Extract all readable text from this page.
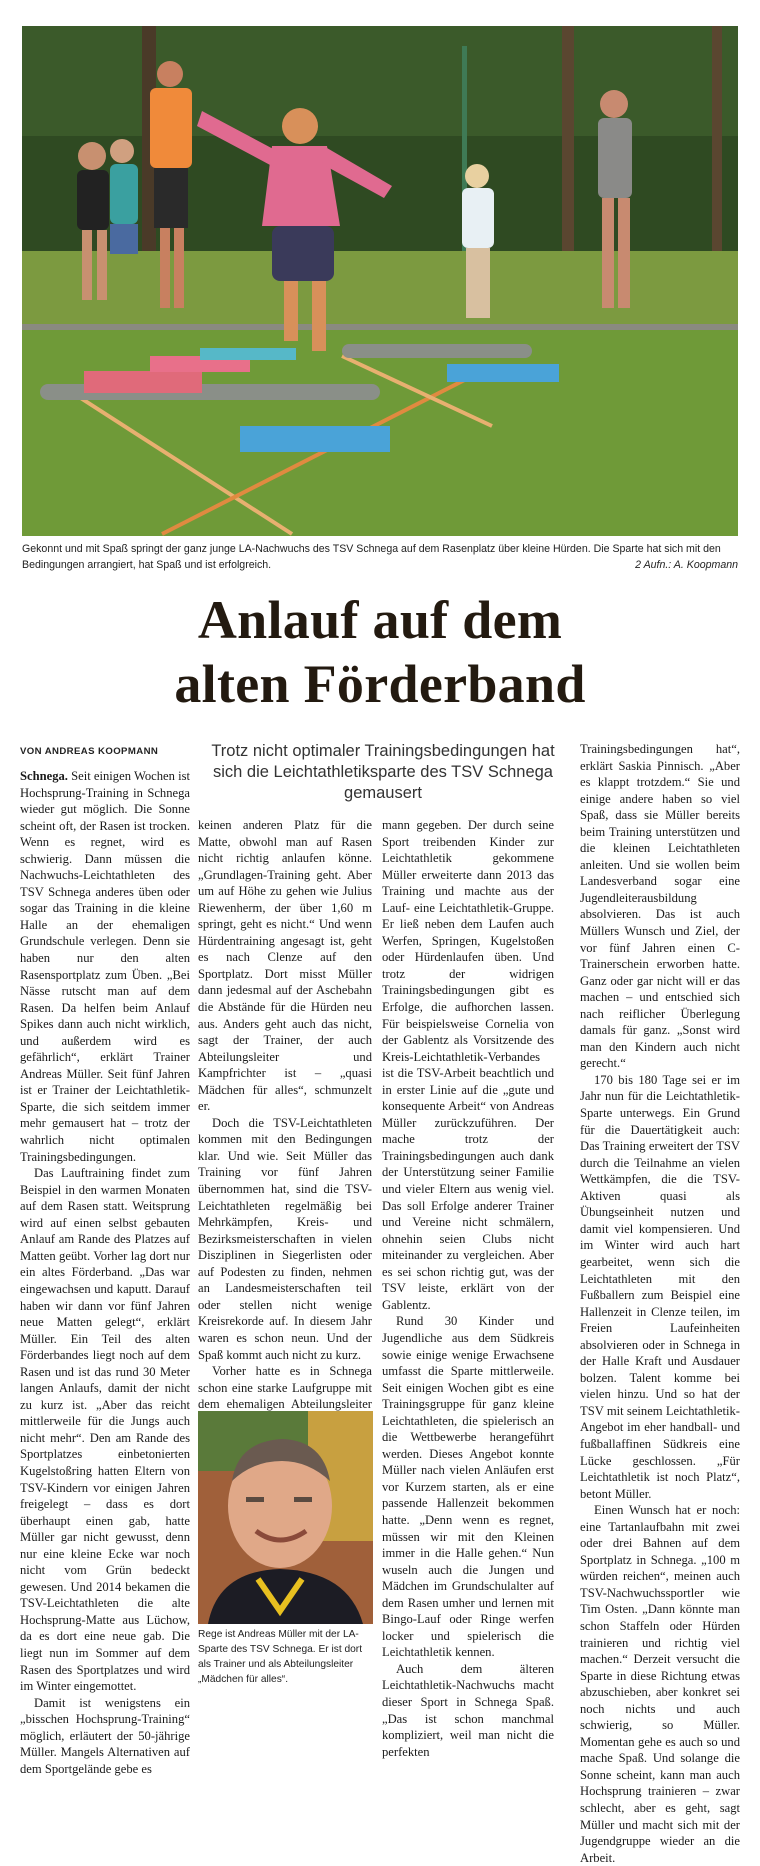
Gekonnt und mit Spaß springt der ganz junge LA-Nachwuchs des TSV Schnega auf dem Rasenplatz über kleine Hürden. Die Sparte hat sich mit den Bedingungen arrangiert, hat Spaß und ist erfolgreich.	2 Aufn.: A. Koopmann
Anlauf auf dem
alten Förderband
VON ANDREAS KOOPMANN	Trotz nicht optimaler Trainingsbedingungen hat sich die Leichtathletiksparte des TSV Schnega gemausert

Schnega. Seit einigen Wochen ist Hochsprung-Training in Schnega wieder gut möglich. Die Sonne scheint oft, der Rasen ist trocken. Wenn es regnet, wird es schwierig. Dann müssen die Nachwuchs-Leichtathleten des TSV Schnega anderes üben oder sogar das Training in die kleine Halle an der ehemaligen Grundschule verlegen. Denn sie haben nur den alten Rasensportplatz zum Üben. „Bei Nässe rutscht man auf dem Rasen. Da helfen beim Anlauf Spikes dann auch nicht wirklich, und außerdem wird es gefährlich“, erklärt Trainer Andreas Müller. Seit fünf Jahren ist er Trainer der Leichtathletik-Sparte, die sich seitdem immer mehr gemausert hat – trotz der wahrlich nicht optimalen Trainingsbedingungen.

Das Lauftraining findet zum Beispiel in den warmen Monaten auf dem Rasen statt. Weitsprung wird auf einen selbst gebauten Anlauf am Rande des Platzes auf Matten geübt. Vorher lag dort nur ein altes Förderband. „Das war eingewachsen und kaputt. Darauf haben wir dann vor fünf Jahren neue Matten gelegt“, erklärt Müller. Ein Teil des alten Förderbandes liegt noch auf dem Rasen und ist das rund 30 Meter langen Anlaufs, damit der nicht zu kurz ist. „Aber das reicht mittlerweile für die Jungs auch nicht mehr“. Den am Rande des Sportplatzes einbetonierten Kugelstoßring hatten Eltern von TSV-Kindern vor einigen Jahren freigelegt – dass es dort überhaupt einen gab, hatte Müller gar nicht gewusst, denn nur eine kleine Ecke war noch nicht vom Grün bedeckt gewesen. Und 2014 bekamen die TSV-Leichtathleten die alte Hochsprung-Matte aus Lüchow, da es dort eine neue gab. Die liegt nun im Sommer auf dem Rasen des Sportplatzes und wird im Winter eingemottet.

Damit ist wenigstens ein „bisschen Hochsprung-Training“ möglich, erläutert der 50-jährige Müller. Mangels Alternativen auf dem Sportgelände gebe es

keinen anderen Platz für die Matte, obwohl man auf Rasen nicht richtig anlaufen könne. „Grundlagen-Training geht. Aber um auf Höhe zu gehen wie Julius Riewenherm, der über 1,60 m springt, geht es nicht.“ Und wenn Hürdentraining angesagt ist, geht es nach Clenze auf den Sportplatz. Dort misst Müller dann jedesmal auf der Aschebahn die Abstände für die Hürden neu aus. Anders geht auch das nicht, sagt der Trainer, der auch Abteilungsleiter und Kampfrichter ist – „quasi Mädchen für alles“, schmunzelt er.

Doch die TSV-Leichtathleten kommen mit den Bedingungen klar. Und wie. Seit Müller das Training vor fünf Jahren übernommen hat, sind die TSV-Leichtathleten regelmäßig bei Mehrkämpfen, Kreis- und Bezirksmeisterschaften in vielen Disziplinen in Siegerlisten oder auf Podesten zu finden, nehmen an Landesmeisterschaften teil oder stellen nicht wenige Kreisrekorde auf. In diesem Jahr waren es schon neun. Und der Spaß kommt auch nicht zu kurz.

Vorher hatte es in Schnega schon eine starke Laufgruppe mit dem ehemaligen Abteilungsleiter

mann gegeben. Der durch seine Sport treibenden Kinder zur Leichtathletik gekommene Müller erweiterte dann 2013 das Training und machte aus der Lauf- eine Leichtathletik-Gruppe. Er ließ neben dem Laufen auch Werfen, Springen, Kugelstoßen oder Hürdenlaufen üben. Und trotz der widrigen Trainingsbedingungen gibt es Erfolge, die aufhorchen lassen. Für beispielsweise Cornelia von der Gablentz als Vorsitzende des Kreis-Leichtathletik-Verbandes ist die TSV-Arbeit beachtlich und in erster Linie auf die „gute und konsequente Arbeit“ von Andreas Müller zurückzuführen. Der mache trotz der Trainingsbedingungen auch dank der Unterstützung seiner Familie und vieler Eltern aus wenig viel. Das soll Erfolge anderer Trainer und Vereine nicht schmälern, ohnehin seien Clubs nicht miteinander zu vergleichen. Aber es sei schon richtig gut, was der TSV leiste, erklärt von der Gablentz.

Rund 30 Kinder und Jugendliche aus dem Südkreis sowie einige wenige Erwachsene umfasst die Sparte mittlerweile. Seit einigen Wochen gibt es eine Trainingsgruppe für ganz kleine Leichtathleten, die spielerisch an die Wettbewerbe herangeführt werden. Dieses Angebot konnte Müller nach vielen Anläufen erst vor Kurzem starten, als er eine passende Hallenzeit bekommen hatte. „Denn wenn es regnet, müssen wir mit den Kleinen immer in die Halle gehen.“ Nun wuseln auch die Jungen und Mädchen im Grundschulalter auf dem Rasen umher und lernen mit Bingo-Lauf oder Ringe werfen locker und spielerisch die Leichtathletik kennen.

Auch dem älteren Leichtathletik-Nachwuchs macht dieser Sport in Schnega Spaß. „Das ist schon manchmal kompliziert, weil man nicht die perfekten

Trainingsbedingungen hat“, erklärt Saskia Pinnisch. „Aber es klappt trotzdem.“ Sie und einige andere haben so viel Spaß, dass sie Müller bereits beim Training unterstützen und die kleinen Leichtathleten anleiten. Und sie wollen beim Landesverband sogar eine Jugendleiterausbildung absolvieren. Das ist auch Müllers Wunsch und Ziel, der vor fünf Jahren einen C-Trainerschein erworben hatte. Ganz oder gar nicht will er das machen – und entschied sich nach reiflicher Überlegung damals für ganz. „Sonst wird man den Kindern auch nicht gerecht.“

170 bis 180 Tage sei er im Jahr nun für die Leichtathletik-Sparte unterwegs. Ein Grund für die Dauertätigkeit auch: Das Training erweitert der TSV durch die Teilnahme an vielen Wettkämpfen, die die TSV-Aktiven quasi als Übungseinheit nutzen und damit viel kompensieren. Und im Winter wird auch hart gearbeitet, wenn sich die Leichtathleten mit den Fußballern zum Beispiel eine Hallenzeit in Clenze teilen, im Freien Laufeinheiten absolvieren oder in Schnega in der Halle Kraft und Ausdauer bolzen. Talent komme bei vielen hinzu. Und so hat der TSV mit seinem Leichtathletik-Angebot im eher handball- und fußballaffinen Südkreis eine Lücke geschlossen. „Für Leichtathletik ist noch Platz“, betont Müller.

Einen Wunsch hat er noch: eine Tartanlaufbahn mit zwei oder drei Bahnen auf dem Sportplatz in Schnega. „100 m würden reichen“, meinen auch TSV-Nachwuchssportler wie Tim Osten. „Dann könnte man schon Staffeln oder Hürden trainieren und richtig viel machen.“ Derzeit versucht die Sparte in diese Richtung etwas abzuschieben, aber konkret sei noch nichts und auch schwierig, so Müller. Momentan gehe es auch so und mache Spaß. Und solange die Sonne scheint, kann man auch Hochsprung trainieren – zwar schlecht, aber es geht, sagt Müller und macht sich mit der Jugendgruppe wieder an die Arbeit.

Rege ist Andreas Müller mit der LA-Sparte des TSV Schnega. Er ist dort als Trainer und als Abteilungsleiter „Mädchen für alles“.
